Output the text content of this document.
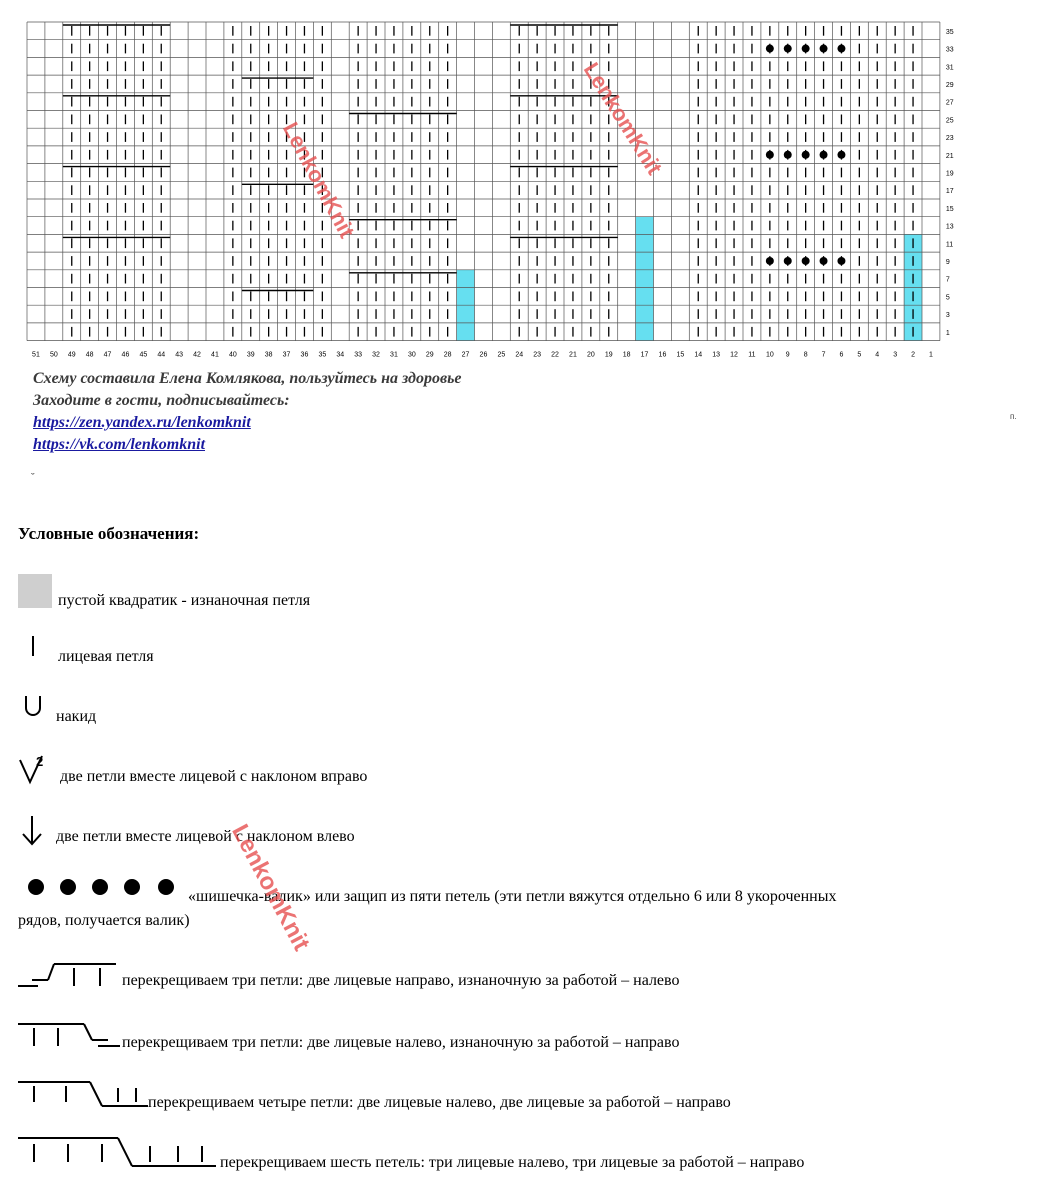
35
33
31
29
27
25
23
21
19
17
15
13
11
9
7
5
3
1
51 50 49 48 47 46 45 44 43 42 41 40 39 38 37 36 35 34 33 32 31 30 29 28 27 26 25 24 23 22 21 20 19 18 17 16 15 14 13 12 11 10 9 8 7 6 5 4 3 2 1
Схему составила Елена Комлякова, пользуйтесь на здоровье
Заходите в гости, подписывайтесь:
https://zen.yandex.ru/lenkomknit
https://vk.com/lenkomknit
п.
ˇ
Условные обозначения:
пустой квадратик - изнаночная петля
лицевая петля
накид
2
две петли вместе лицевой с наклоном вправо
две петли вместе лицевой с наклоном влево
«шишечка-валик» или защип из пяти петель (эти петли вяжутся отдельно 6 или 8 укороченных
рядов, получается валик)
перекрещиваем три петли: две лицевые направо, изнаночную за работой – налево
перекрещиваем три петли: две лицевые налево, изнаночную за работой – направо
перекрещиваем четыре петли: две лицевые налево, две лицевые за работой – направо
перекрещиваем шесть петель: три лицевые налево, три лицевые за работой – направо
LenkomKnit	LenkomKnit
LenkomKnit
